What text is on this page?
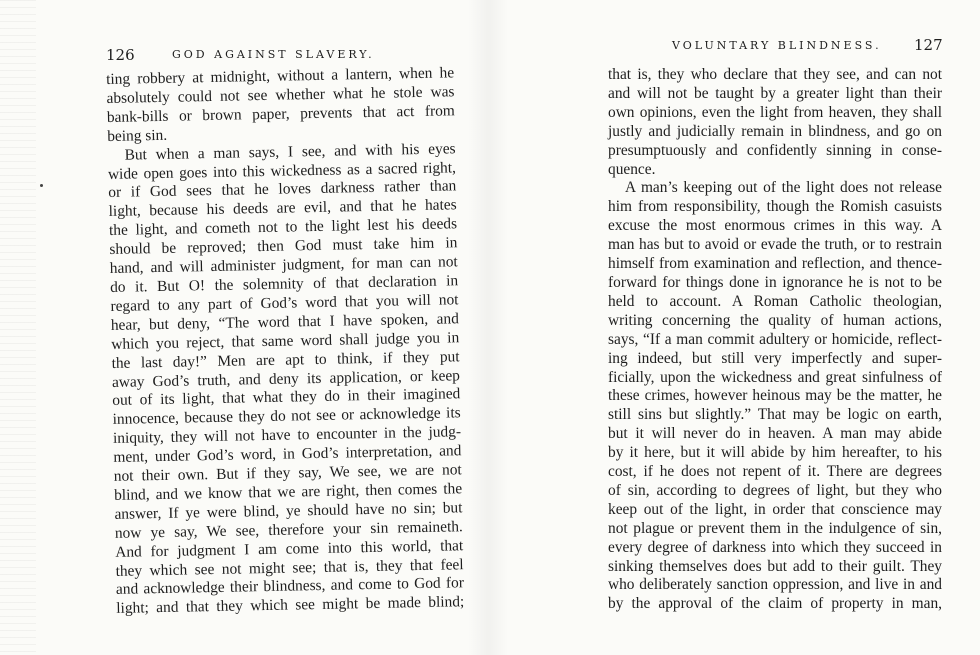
126	GOD AGAINST SLAVERY.
ting robbery at midnight, without a lantern, when he
absolutely could not see whether what he stole was
bank-bills or brown paper, prevents that act from
being sin.
But when a man says, I see, and with his eyes
wide open goes into this wickedness as a sacred right,
or if God sees that he loves darkness rather than
light, because his deeds are evil, and that he hates
the light, and cometh not to the light lest his deeds
should be reproved; then God must take him in
hand, and will administer judgment, for man can not
do it. But O! the solemnity of that declaration in
regard to any part of God’s word that you will not
hear, but deny, “The word that I have spoken, and
which you reject, that same word shall judge you in
the last day!” Men are apt to think, if they put
away God’s truth, and deny its application, or keep
out of its light, that what they do in their imagined
innocence, because they do not see or acknowledge its
iniquity, they will not have to encounter in the judg-
ment, under God’s word, in God’s interpretation, and
not their own. But if they say, We see, we are not
blind, and we know that we are right, then comes the
answer, If ye were blind, ye should have no sin; but
now ye say, We see, therefore your sin remaineth.
And for judgment I am come into this world, that
they which see not might see; that is, they that feel
and acknowledge their blindness, and come to God for
light; and that they which see might be made blind;
VOLUNTARY BLINDNESS. 127
that is, they who declare that they see, and can not
and will not be taught by a greater light than their
own opinions, even the light from heaven, they shall
justly and judicially remain in blindness, and go on
presumptuously and confidently sinning in conse-
quence.
A man’s keeping out of the light does not release
him from responsibility, though the Romish casuists
excuse the most enormous crimes in this way. A
man has but to avoid or evade the truth, or to restrain
himself from examination and reflection, and thence-
forward for things done in ignorance he is not to be
held to account. A Roman Catholic theologian,
writing concerning the quality of human actions,
says, “If a man commit adultery or homicide, reflect-
ing indeed, but still very imperfectly and super-
ficially, upon the wickedness and great sinfulness of
these crimes, however heinous may be the matter, he
still sins but slightly.” That may be logic on earth,
but it will never do in heaven. A man may abide
by it here, but it will abide by him hereafter, to his
cost, if he does not repent of it. There are degrees
of sin, according to degrees of light, but they who
keep out of the light, in order that conscience may
not plague or prevent them in the indulgence of sin,
every degree of darkness into which they succeed in
sinking themselves does but add to their guilt. They
who deliberately sanction oppression, and live in and
by the approval of the claim of property in man,
